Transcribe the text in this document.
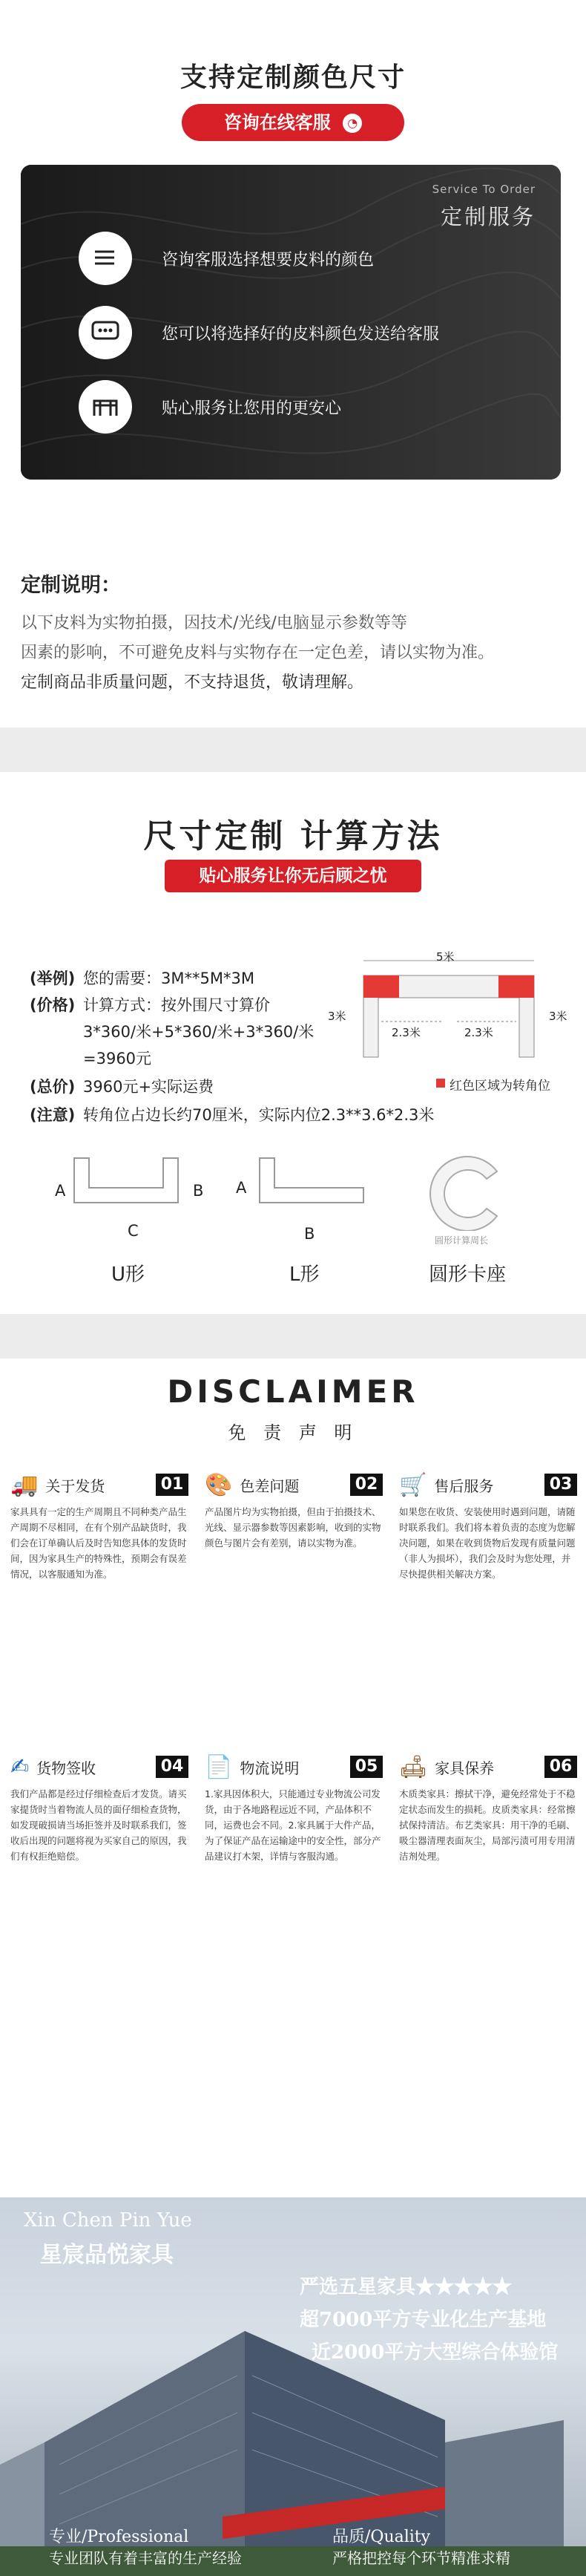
支持定制颜色尺寸
咨询在线客服 ◔
Service To Order
定制服务
咨询客服选择想要皮料的颜色
您可以将选择好的皮料颜色发送给客服
贴心服务让您用的更安心
定制说明：
以下皮料为实物拍摄，因技术/光线/电脑显示参数等等
因素的影响，不可避免皮料与实物存在一定色差，请以实物为准。
定制商品非质量问题，不支持退货，敬请理解。
尺寸定制 计算方法
贴心服务让你无后顾之忧
(举例) 您的需要：3M**5M*3M
(价格) 计算方式：按外围尺寸算价
3*360/米+5*360/米+3*360/米
=3960元
(总价) 3960元+实际运费
(注意) 转角位占边长约70厘米，实际内位2.3**3.6*2.3米
5米
3米	3米
2.3米	2.3米
红色区域为转角位
A	B
C
U形
A
B
L形
圆形计算周长
圆形卡座
DISCLAIMER
免 责 声 明
🚚 关于发货	01
家具具有一定的生产周期且不同种类产品生产周期不尽相同，在有个别产品缺货时，我们会在订单确认后及时告知您具体的发货时间，因为家具生产的特殊性，预期会有误差情况，以客服通知为准。
🎨 色差问题	02
产品图片均为实物拍摄，但由于拍摄技术、光线、显示器参数等因素影响，收到的实物颜色与图片会有差别，请以实物为准。
🛒 售后服务	03
如果您在收货、安装使用时遇到问题，请随时联系我们。我们将本着负责的态度为您解决问题，如果在收到货物后发现有质量问题（非人为损坏），我们会及时为您处理，并尽快提供相关解决方案。
✍ 货物签收	04
我们产品都是经过仔细检查后才发货。请买家提货时当着物流人员的面仔细检查货物，如发现破损请当场拒签并及时联系我们，签收后出现的问题将视为买家自己的原因，我们有权拒绝赔偿。
📄 物流说明	05
1.家具因体积大，只能通过专业物流公司发货，由于各地路程远近不同，产品体积不同，运费也会不同。2.家具属于大件产品，为了保证产品在运输途中的安全性，部分产品建议打木架，详情与客服沟通。
🛋 家具保养	06
木质类家具：擦拭干净，避免经常处于不稳定状态而发生的损耗。皮质类家具：经常擦拭保持清洁。布艺类家具：用干净的毛刷、吸尘器清理表面灰尘，局部污渍可用专用清洁剂处理。
Xin Chen Pin Yue
星宸品悦家具
严选五星家具★★★★★
超7000平方专业化生产基地
近2000平方大型综合体验馆
专业/Professional
专业团队有着丰富的生产经验
品质/Quality
严格把控每个环节精准求精
